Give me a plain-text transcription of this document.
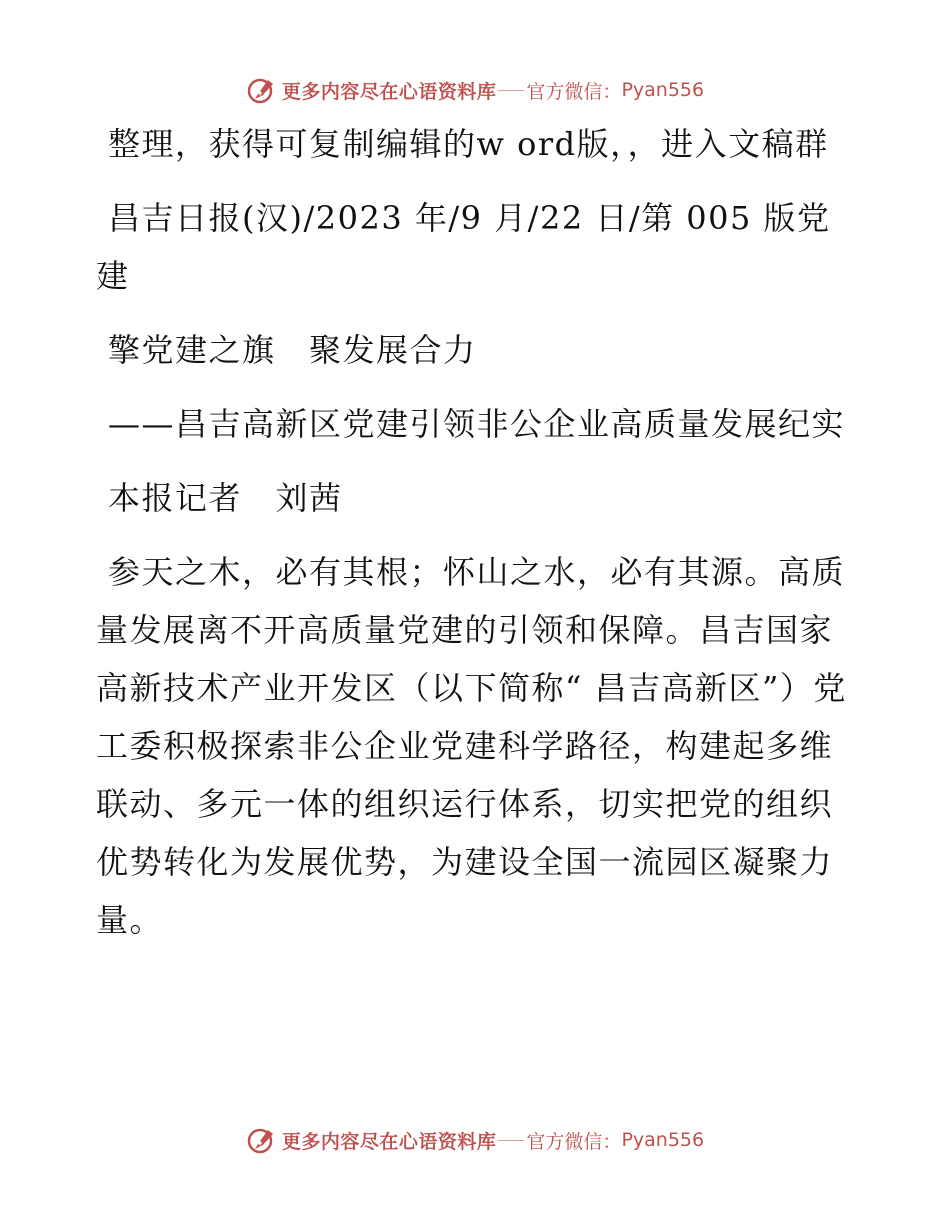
更多内容尽在心语资料库 官方微信： Pyan556

整理，获得可复制编辑的w ord版，，进入文稿群

昌吉日报(汉)/2023 年/9 月/22 日/第 005 版党建

擎党建之旗　聚发展合力

——昌吉高新区党建引领非公企业高质量发展纪实

本报记者　刘茜

参天之木，必有其根；怀山之水，必有其源。高质量发展离不开高质量党建的引领和保障。昌吉国家高新技术产业开发区（以下简称“ 昌吉高新区”）党工委积极探索非公企业党建科学路径，构建起多维联动、多元一体的组织运行体系，切实把党的组织优势转化为发展优势，为建设全国一流园区凝聚力量。

更多内容尽在心语资料库 官方微信： Pyan556
